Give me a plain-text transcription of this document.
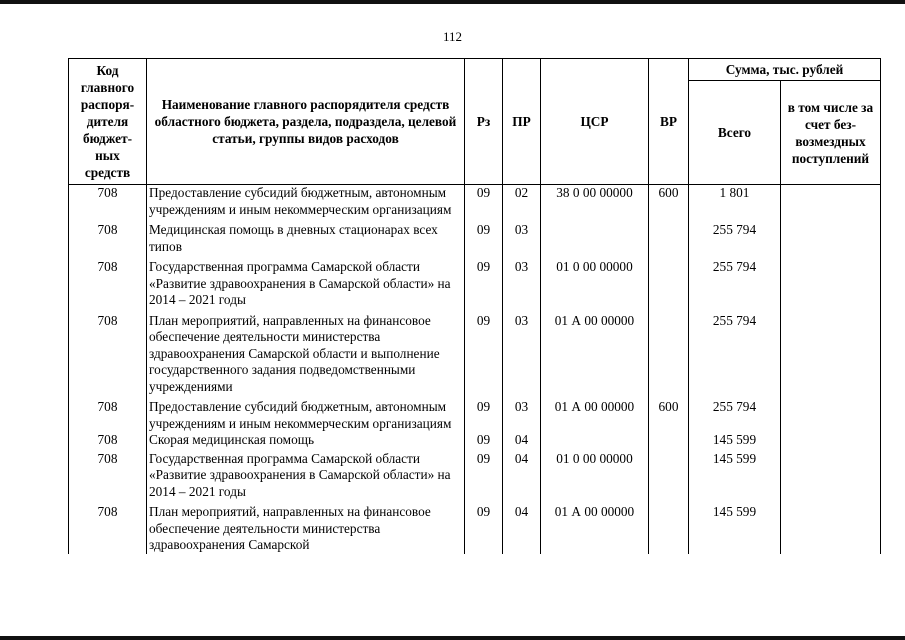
112
Код главного распоря-дителя бюджет-ных средств	Наименование главного распорядителя средств областного бюджета, раздела, подраздела, целевой статьи, группы видов расходов	Рз	ПР	ЦСР	ВР	Сумма, тыс. рублей	
						Всего	в том числе за счет без-возмездных поступлений
708	Предоставление субсидий бюджетным, автономным учреждениям и иным некоммерческим организациям	09	02	38 0 00 00000	600	1 801	
708	Медицинская помощь в дневных стационарах всех типов	09	03			255 794	
708	Государственная программа Самарской области «Развитие здравоохранения в Самарской области» на 2014 – 2021 годы	09	03	01 0 00 00000		255 794	
708	План мероприятий, направленных на финансовое обеспечение деятельности министерства здравоохранения Самарской области и выполнение государственного задания подведомственными учреждениями	09	03	01 А 00 00000		255 794	
708	Предоставление субсидий бюджетным, автономным учреждениям и иным некоммерческим организациям	09	03	01 А 00 00000	600	255 794	
708	Скорая медицинская помощь	09	04			145 599	
708	Государственная программа Самарской области «Развитие здравоохранения в Самарской области» на 2014 – 2021 годы	09	04	01 0 00 00000		145 599	
708	План мероприятий, направленных на финансовое обеспечение деятельности министерства здравоохранения Самарской	09	04	01 А 00 00000		145 599	
